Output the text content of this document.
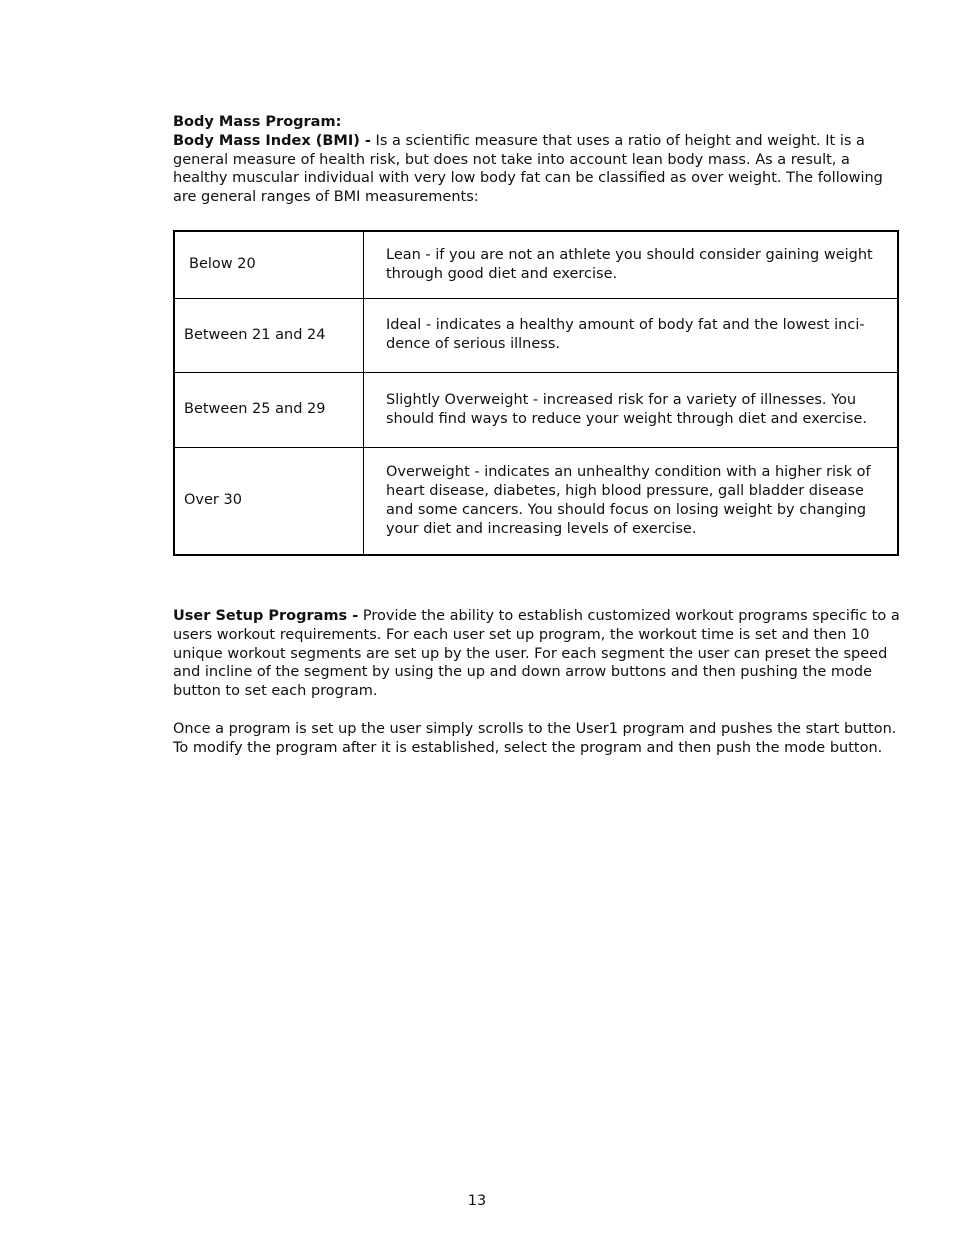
Body Mass Program:

Body Mass Index (BMI) - Is a scientific measure that uses a ratio of height and weight. It is a general measure of health risk, but does not take into account lean body mass. As a result, a healthy muscular individual with very low body fat can be classified as over weight. The following are general ranges of BMI measurements:

Below 20	Lean - if you are not an athlete you should consider gaining weight through good diet and exercise.
Between 21 and 24	Ideal - indicates a healthy amount of body fat and the lowest inci-dence of serious illness.
Between 25 and 29	Slightly Overweight - increased risk for a variety of illnesses. You should find ways to reduce your weight through diet and exercise.
Over 30	Overweight - indicates an unhealthy condition with a higher risk of heart disease, diabetes, high blood pressure, gall bladder disease and some cancers. You should focus on losing weight by changing your diet and increasing levels of exercise.

User Setup Programs - Provide the ability to establish customized workout programs specific to a users workout requirements. For each user set up program, the workout time is set and then 10 unique workout segments are set up by the user. For each segment the user can preset the speed and incline of the segment by using the up and down arrow buttons and then pushing the mode button to set each program.

Once a program is set up the user simply scrolls to the User1 program and pushes the start button. To modify the program after it is established, select the program and then push the mode button.

13
